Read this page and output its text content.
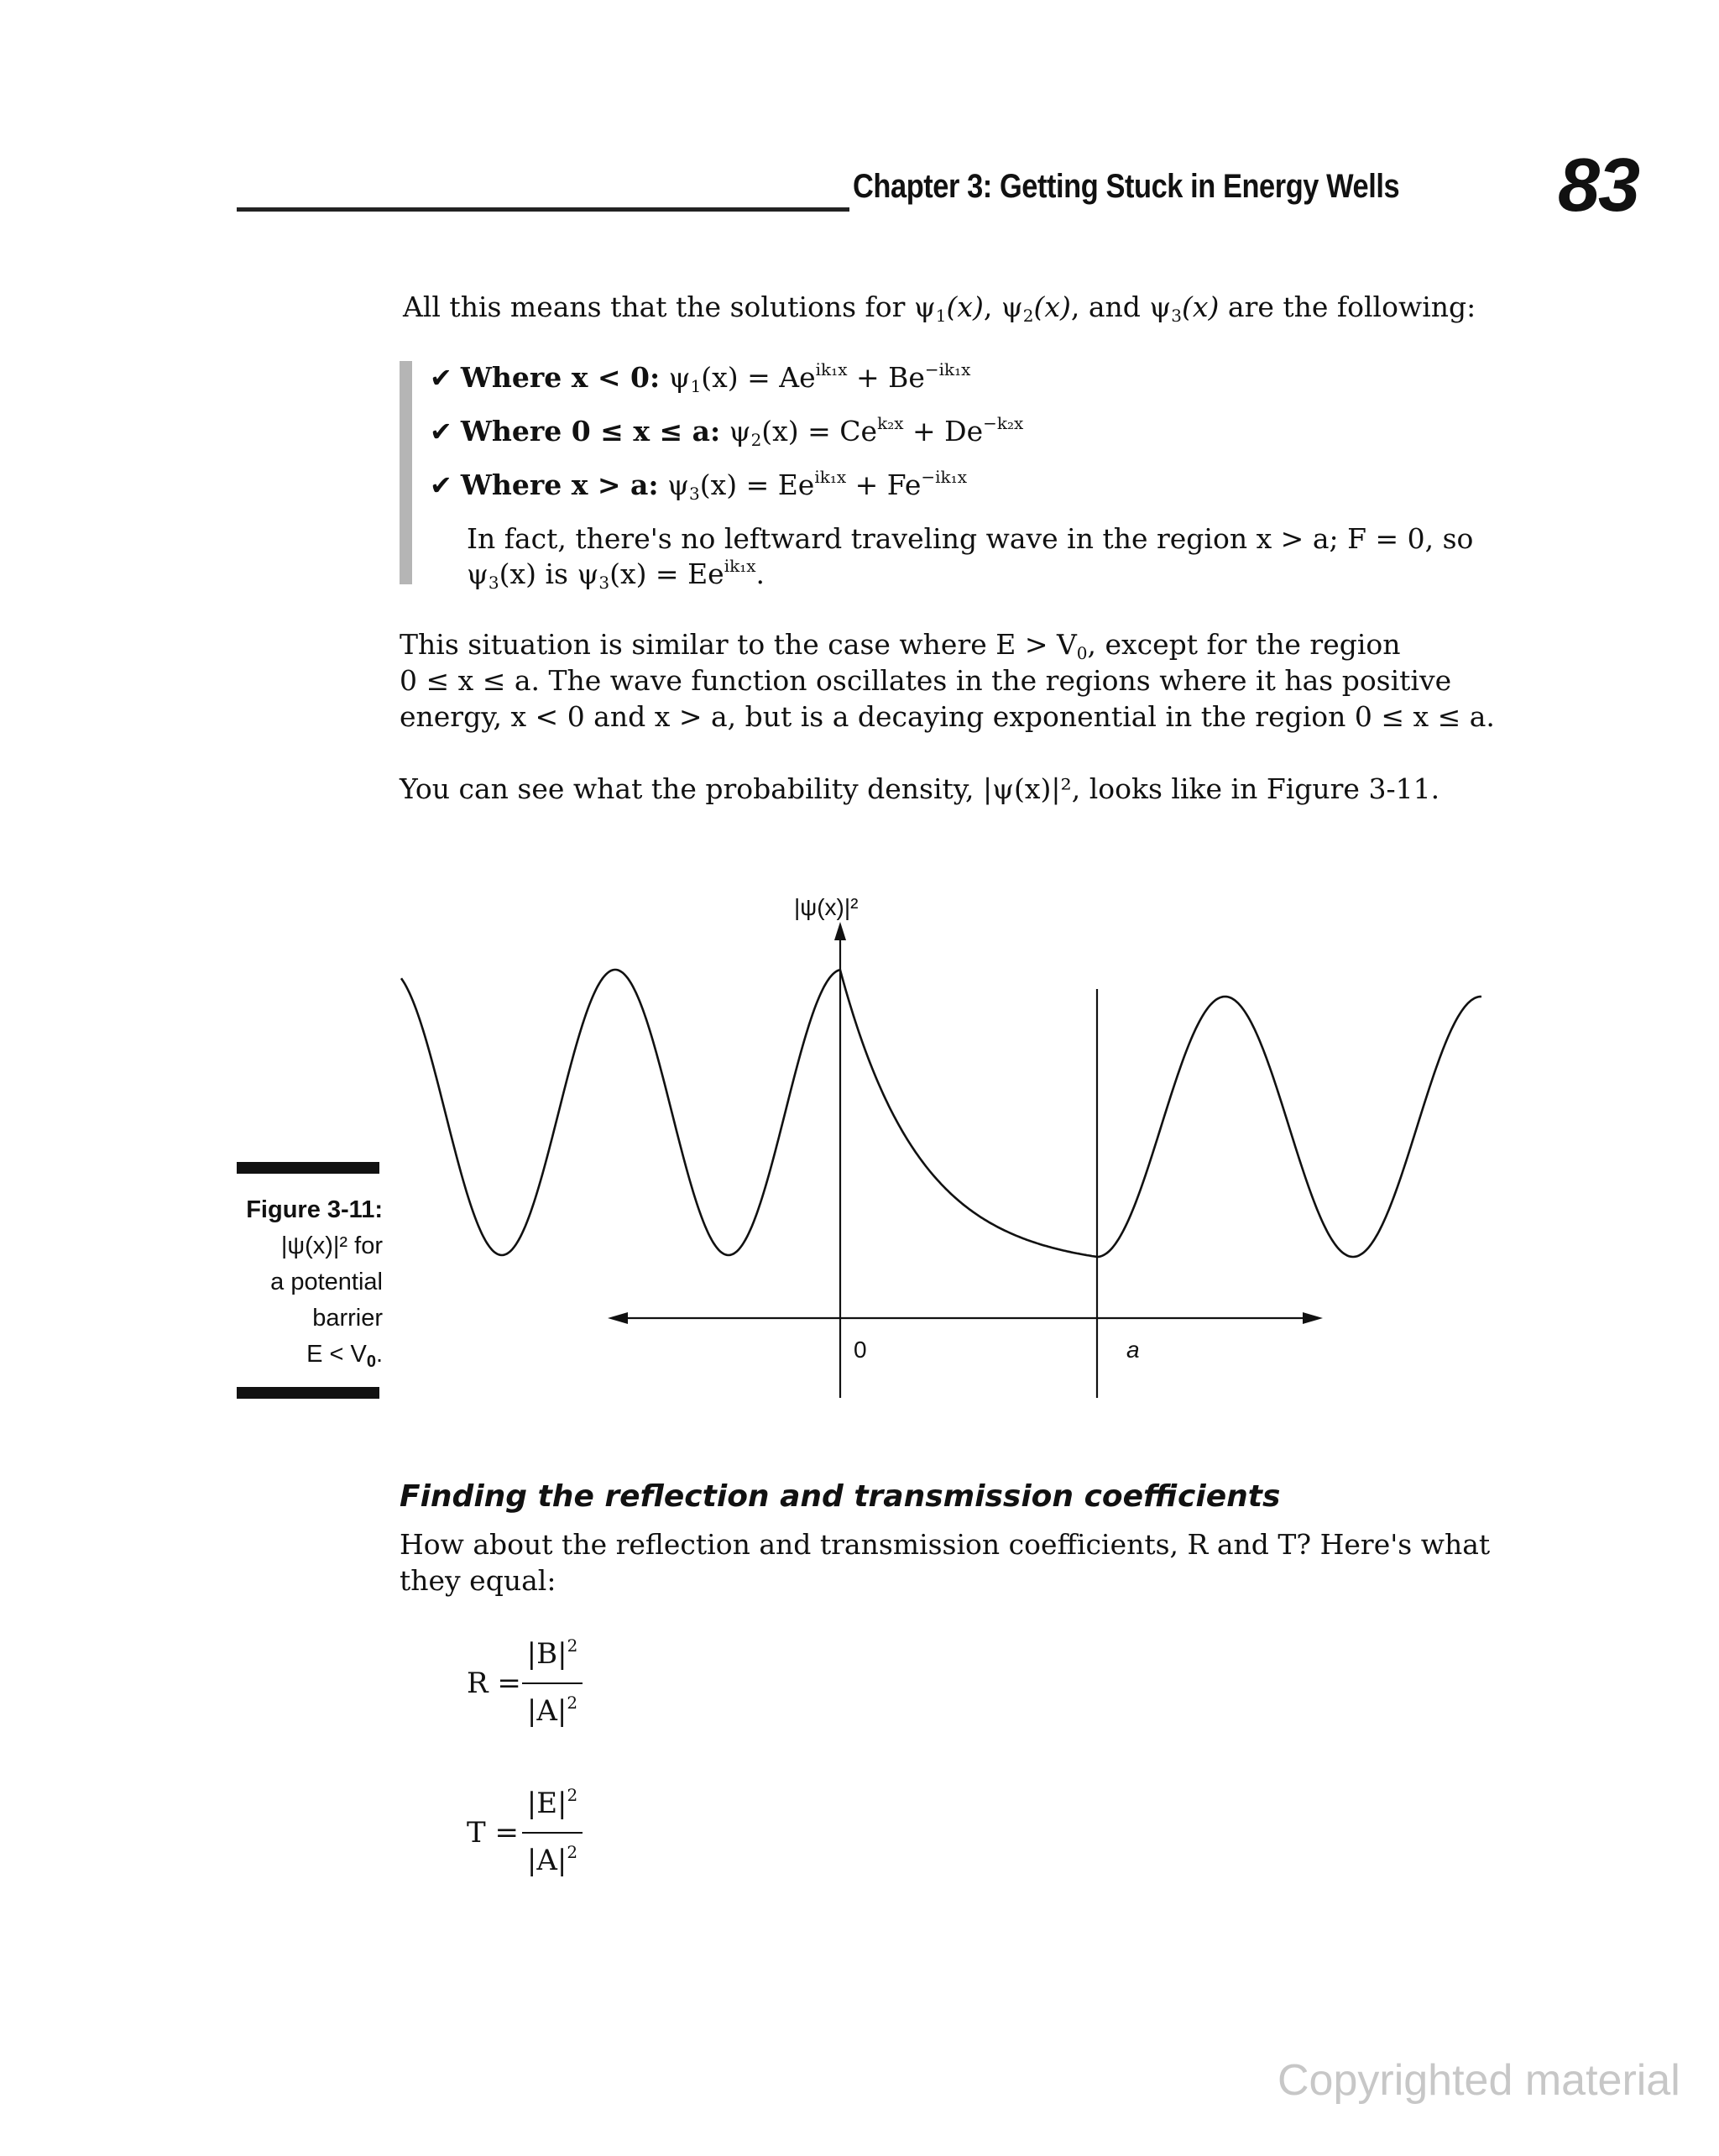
Chapter 3: Getting Stuck in Energy Wells 83
All this means that the solutions for $\psi_1(x)$, $\psi_2(x)$, and $\psi_3(x)$ are the following:
✔ Where x < 0: $\psi_1(x) = Ae^{ik_1x} + Be^{-ik_1x}$
✔ Where 0 ≤ x ≤ a: $\psi_2(x) = Ce^{k_2x} + De^{-k_2x}$
✔ Where x > a: $\psi_3(x) = Ee^{ik_1x} + Fe^{-ik_1x}$
In fact, there's no leftward traveling wave in the region x > a; F = 0, so
$\psi_3(x)$ is $\psi_3(x) = Ee^{ik_1x}$.
This situation is similar to the case where $E > V_0$, except for the region
0 ≤ x ≤ a. The wave function oscillates in the regions where it has positive
energy, x < 0 and x > a, but is a decaying exponential in the region 0 ≤ x ≤ a.
You can see what the probability density, |ψ(x)|², looks like in Figure 3-11.
|ψ(x)|²
0	a
Figure 3-11:
|ψ(x)|² for
a potential
barrier
$E < V_0$.
Finding the reflection and transmission coefficients
How about the reflection and transmission coefficients, R and T? Here's what
they equal:
R =
$|B|^2$
$|A|^2$
T =
$|E|^2$
$|A|^2$
Copyrighted material
